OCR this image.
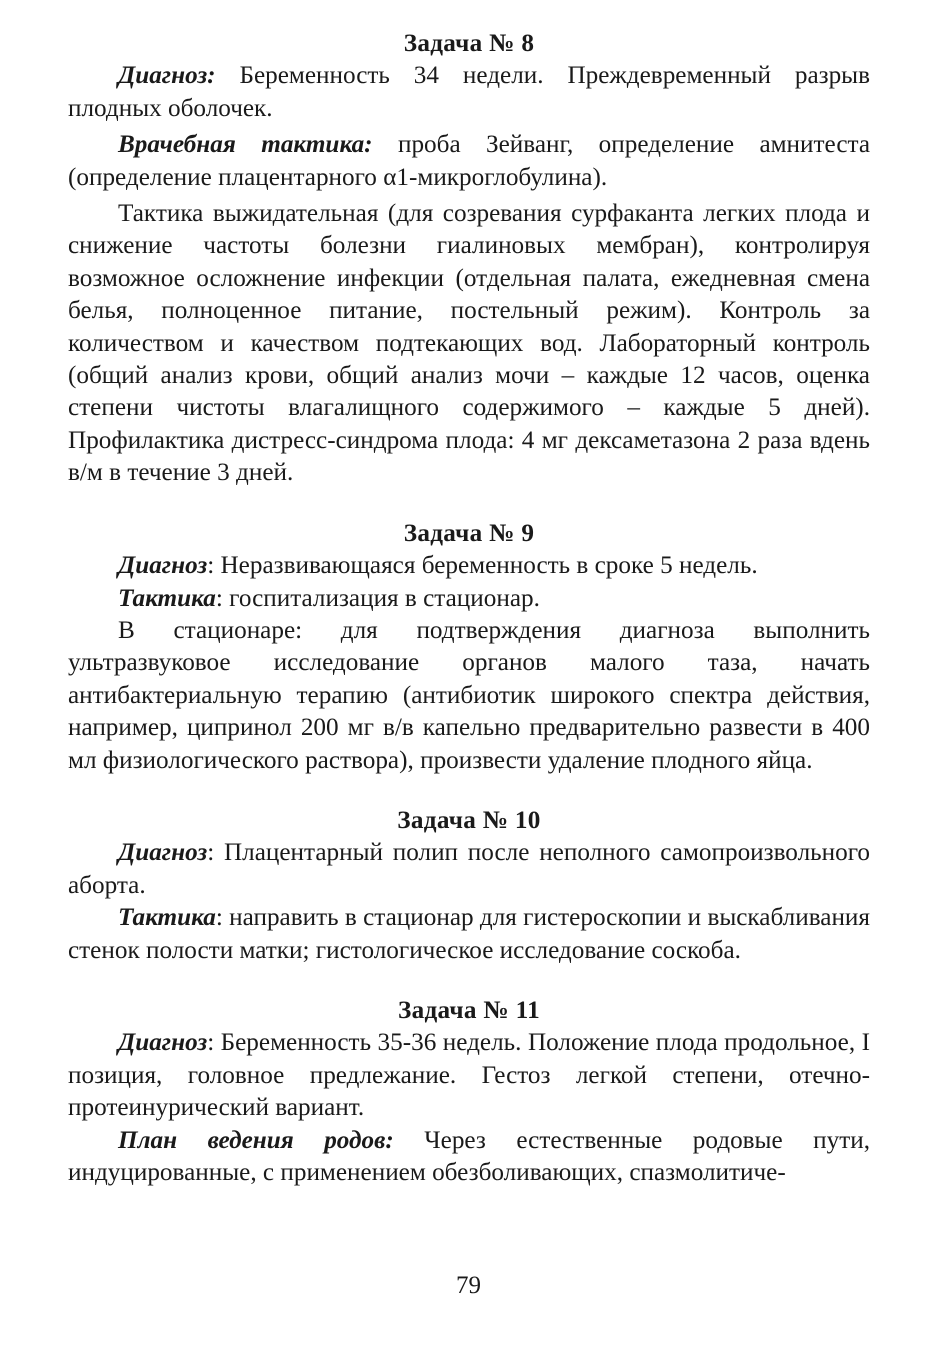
Задача № 8

Диагноз: Беременность 34 недели. Преждевременный разрыв плодных оболочек.

Врачебная тактика: проба Зейванг, определение амнитеста (определение плацентарного α1-микроглобулина).

Тактика выжидательная (для созревания сурфаканта легких плода и снижение частоты болезни гиалиновых мембран), контролируя возможное осложнение инфекции (отдельная палата, ежедневная смена белья, полноценное питание, постельный режим). Контроль за количеством и качеством подтекающих вод. Лабораторный контроль (общий анализ крови, общий анализ мочи – каждые 12 часов, оценка степени чистоты влагалищного содержимого – каждые 5 дней). Профилактика дистресс-синдрома плода: 4 мг дексаметазона 2 раза вдень в/м в течение 3 дней.

Задача № 9

Диагноз: Неразвивающаяся беременность в сроке 5 недель.

Тактика: госпитализация в стационар.

В стационаре: для подтверждения диагноза выполнить ультразвуковое исследование органов малого таза, начать антибактериальную терапию (антибиотик широкого спектра действия, например, ципринол 200 мг в/в капельно предварительно развести в 400 мл физиологического раствора), произвести удаление плодного яйца.

Задача № 10

Диагноз: Плацентарный полип после неполного самопроизвольного аборта.

Тактика: направить в стационар для гистероскопии и выскабливания стенок полости матки; гистологическое исследование соскоба.

Задача № 11

Диагноз: Беременность 35-36 недель. Положение плода продольное, I позиция, головное предлежание. Гестоз легкой степени, отечно-протеинурический вариант.

План ведения родов: Через естественные родовые пути, индуцированные, с применением обезболивающих, спазмолитиче-

79
